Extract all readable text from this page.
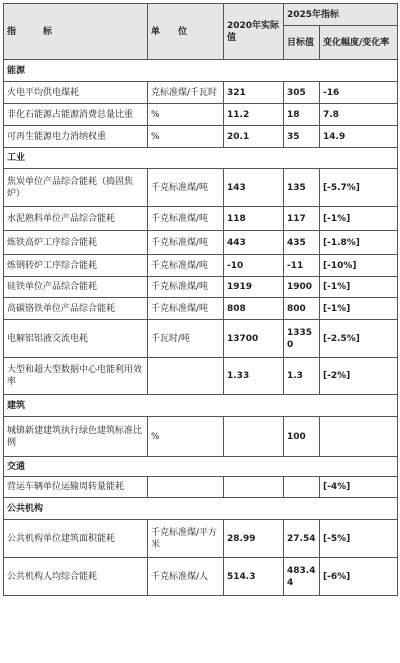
指　　　标	单　　位	2020年实际值	2025年指标	
			目标值	变化幅度/变化率
能源				
火电平均供电煤耗	克标准煤/千瓦时	321	305	-16
非化石能源占能源消费总量比重	%	11.2	18	7.8
可再生能源电力消纳权重	%	20.1	35	14.9
工业				
焦炭单位产品综合能耗（捣固焦炉）	千克标准煤/吨	143	135	[-5.7%]
水泥熟料单位产品综合能耗	千克标准煤/吨	118	117	[-1%]
炼铁高炉工序综合能耗	千克标准煤/吨	443	435	[-1.8%]
炼钢转炉工序综合能耗	千克标准煤/吨	-10	-11	[-10%]
硅铁单位产品综合能耗	千克标准煤/吨	1919	1900	[-1%]
高碳铬铁单位产品综合能耗	千克标准煤/吨	808	800	[-1%]
电解铝铝液交流电耗	千瓦时/吨	13700	13350	[-2.5%]
大型和超大型数据中心电能利用效率		1.33	1.3	[-2%]
建筑				
城镇新建建筑执行绿色建筑标准比例	%		100	
交通				
营运车辆单位运输周转量能耗				[-4%]
公共机构				
公共机构单位建筑面积能耗	千克标准煤/平方米	28.99	27.54	[-5%]
公共机构人均综合能耗	千克标准煤/人	514.3	483.44	[-6%]
